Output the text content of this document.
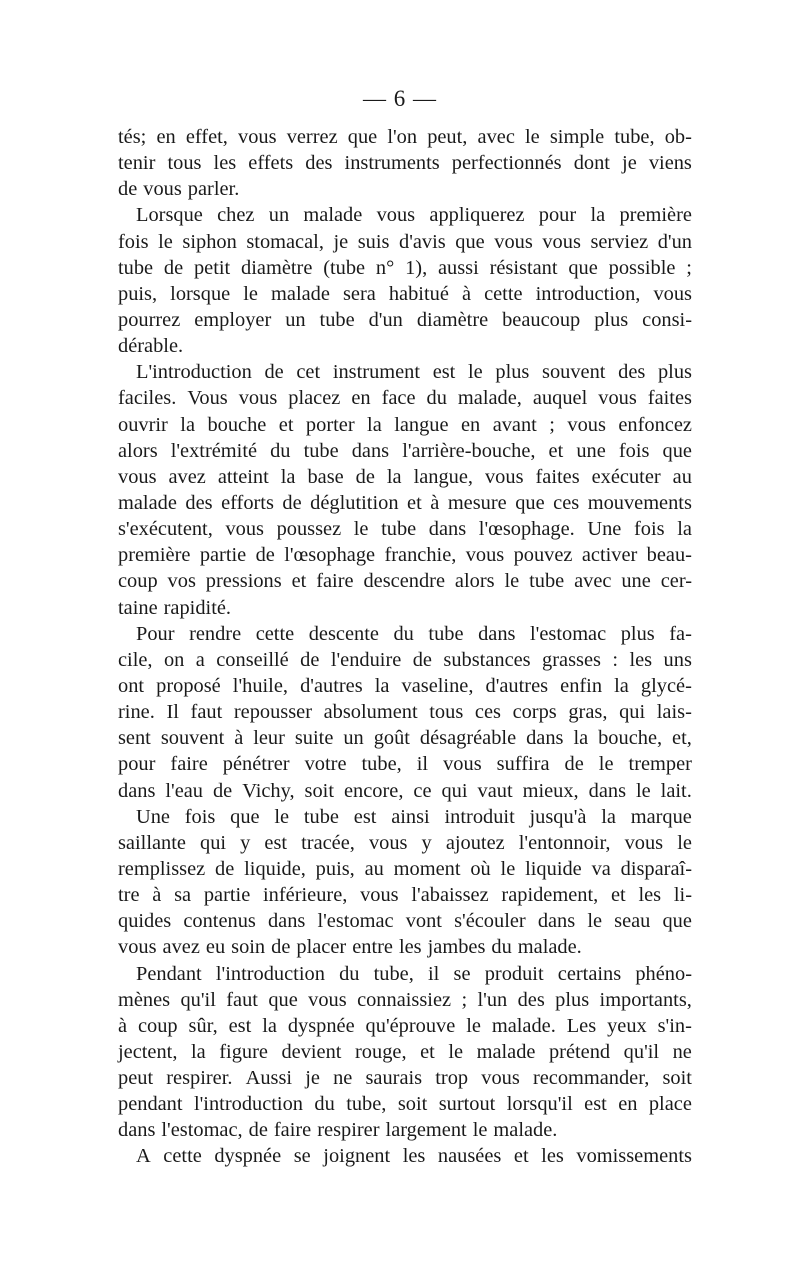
— 6 —
tés; en effet, vous verrez que l'on peut, avec le simple tube, ob-
tenir tous les effets des instruments perfectionnés dont je viens
de vous parler.
Lorsque chez un malade vous appliquerez pour la première
fois le siphon stomacal, je suis d'avis que vous vous serviez d'un
tube de petit diamètre (tube n° 1), aussi résistant que possible ;
puis, lorsque le malade sera habitué à cette introduction, vous
pourrez employer un tube d'un diamètre beaucoup plus consi-
dérable.
L'introduction de cet instrument est le plus souvent des plus
faciles. Vous vous placez en face du malade, auquel vous faites
ouvrir la bouche et porter la langue en avant ; vous enfoncez
alors l'extrémité du tube dans l'arrière-bouche, et une fois que
vous avez atteint la base de la langue, vous faites exécuter au
malade des efforts de déglutition et à mesure que ces mouvements
s'exécutent, vous poussez le tube dans l'œsophage. Une fois la
première partie de l'œsophage franchie, vous pouvez activer beau-
coup vos pressions et faire descendre alors le tube avec une cer-
taine rapidité.
Pour rendre cette descente du tube dans l'estomac plus fa-
cile, on a conseillé de l'enduire de substances grasses : les uns
ont proposé l'huile, d'autres la vaseline, d'autres enfin la glycé-
rine. Il faut repousser absolument tous ces corps gras, qui lais-
sent souvent à leur suite un goût désagréable dans la bouche, et,
pour faire pénétrer votre tube, il vous suffira de le tremper
dans l'eau de Vichy, soit encore, ce qui vaut mieux, dans le lait.
Une fois que le tube est ainsi introduit jusqu'à la marque
saillante qui y est tracée, vous y ajoutez l'entonnoir, vous le
remplissez de liquide, puis, au moment où le liquide va disparaî-
tre à sa partie inférieure, vous l'abaissez rapidement, et les li-
quides contenus dans l'estomac vont s'écouler dans le seau que
vous avez eu soin de placer entre les jambes du malade.
Pendant l'introduction du tube, il se produit certains phéno-
mènes qu'il faut que vous connaissiez ; l'un des plus importants,
à coup sûr, est la dyspnée qu'éprouve le malade. Les yeux s'in-
jectent, la figure devient rouge, et le malade prétend qu'il ne
peut respirer. Aussi je ne saurais trop vous recommander, soit
pendant l'introduction du tube, soit surtout lorsqu'il est en place
dans l'estomac, de faire respirer largement le malade.
A cette dyspnée se joignent les nausées et les vomissements
